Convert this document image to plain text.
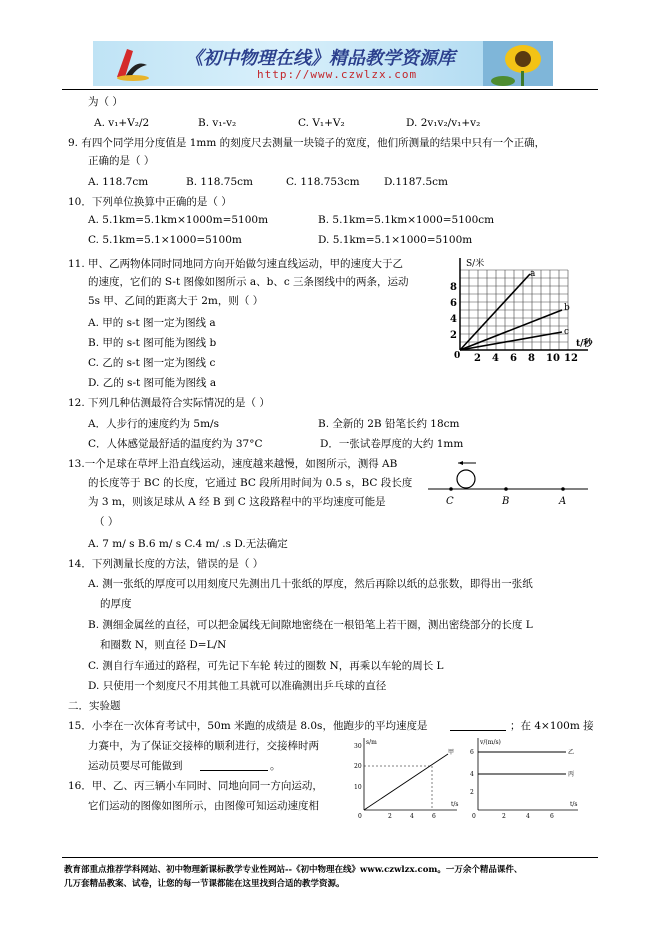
《初中物理在线》精品教学资源库
http://www.czwlzx.com
为（ ）
A. v₁+V₂/2	B. v₁-v₂	C. V₁+V₂	D. 2v₁v₂/v₁+v₂
9. 有四个同学用分度值是 1mm 的刻度尺去测量一块镜子的宽度，他们所测量的结果中只有一个正确，
正确的是（ ）
A. 118.7cm	B. 118.75cm	C. 118.753cm D.1187.5cm
10．下列单位换算中正确的是（ ）
A. 5.1km=5.1km×1000m=5100m	B. 5.1km=5.1km×1000=5100cm
C. 5.1km=5.1×1000=5100m	D. 5.1km=5.1×1000=5100m
11. 甲、乙两物体同时同地同方向开始做匀速直线运动，甲的速度大于乙
的速度，它们的 S-t 图像如图所示 a、b、c 三条图线中的两条，运动
5s 甲、乙间的距离大于 2m，则（ ）
A. 甲的 s-t 图一定为图线 a
B. 甲的 s-t 图可能为图线 b
C. 乙的 s-t 图一定为图线 c
D. 乙的 s-t 图可能为图线 a
12. 下列几种估测最符合实际情况的是（ ）
A．人步行的速度约为 5m/s	B. 全新的 2B 铅笔长约 18cm
C．人体感觉最舒适的温度约为 37°C	D．一张试卷厚度的大约 1mm
13.一个足球在草坪上沿直线运动，速度越来越慢，如图所示，测得 AB
的长度等于 BC 的长度，它通过 BC 段所用时间为 0.5 s，BC 段长度
为 3 m，则该足球从 A 经 B 到 C 这段路程中的平均速度可能是
（ ）
A. 7 m/ s B.6 m/ s C.4 m/ .s D.无法确定
14．下列测量长度的方法，错误的是（ ）
A. 测一张纸的厚度可以用刻度尺先测出几十张纸的厚度，然后再除以纸的总张数，即得出一张纸
的厚度
B. 测细金属丝的直径，可以把金属线无间隙地密绕在一根铅笔上若干圈，测出密绕部分的长度 L
和圈数 N，则直径 D=L/N
C. 测自行车通过的路程，可先记下车轮 转过的圈数 N，再乘以车轮的周长 L
D. 只使用一个刻度尺不用其他工具就可以准确测出乒乓球的直径
二．实验题
15．小李在一次体育考试中，50m 米跑的成绩是 8.0s，他跑步的平均速度是	；在 4×100m 接
力赛中，为了保证交接棒的顺利进行，交接棒时两
运动员要尽可能做到	。
16．甲、乙、丙三辆小车同时、同地向同一方向运动，
它们运动的图像如图所示，由图像可知运动速度相
a
b
c
S/米
t/秒
0
2
4
6
8
2 4 6 8 10 12
C	B	A
s/m
甲
t/s
0
10
20
30
2	4	6
v/(m/s)
乙
丙
t/s
0
2
4
6
2	4	6
教育部重点推荐学科网站、初中物理新课标教学专业性网站--《初中物理在线》www.czwlzx.com。一万余个精品课件、
几万套精品教案、试卷，让您的每一节课都能在这里找到合适的教学资源。
